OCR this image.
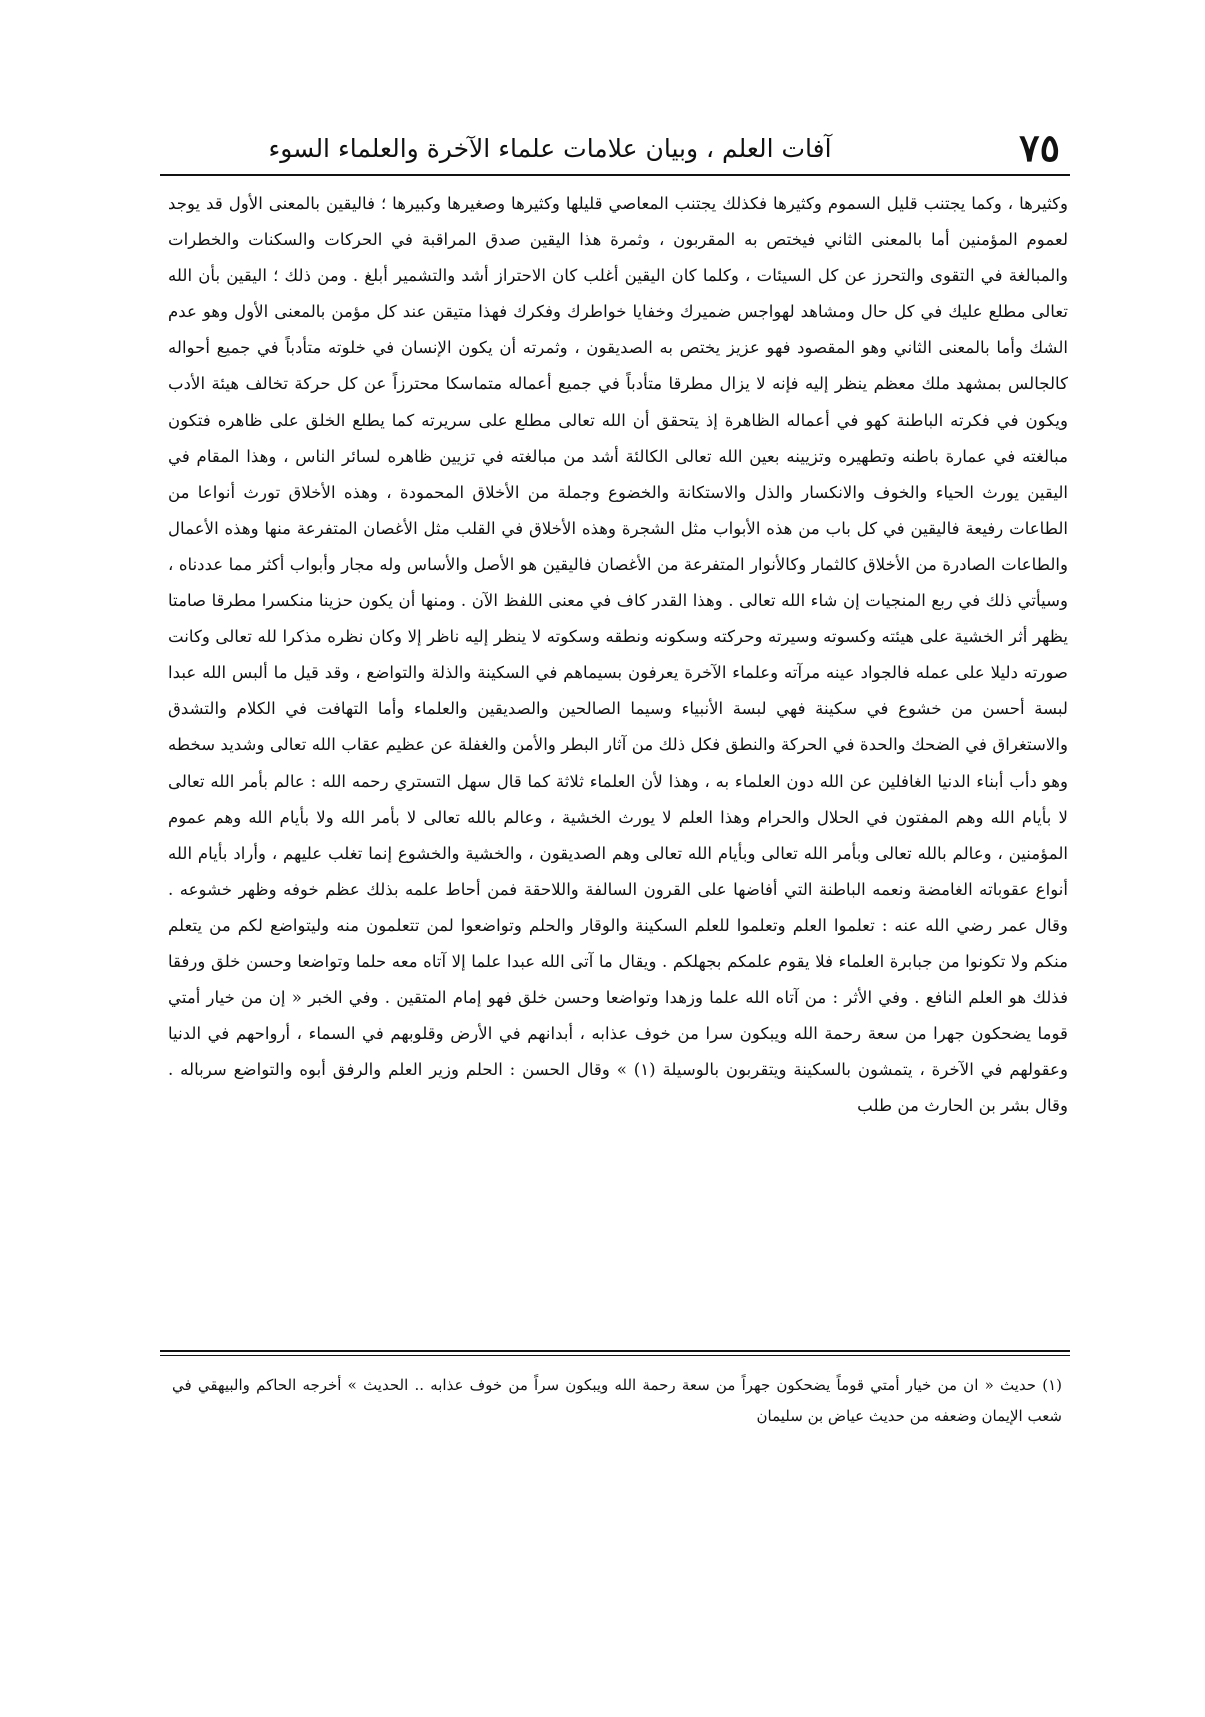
٧٥
آفات العلم ، وبيان علامات علماء الآخرة والعلماء السوء

وكثيرها ، وكما يجتنب قليل السموم وكثيرها فكذلك يجتنب المعاصي قليلها وكثيرها وصغيرها وكبيرها ؛ فاليقين بالمعنى الأول قد يوجد لعموم المؤمنين أما بالمعنى الثاني فيختص به المقربون ، وثمرة هذا اليقين صدق المراقبة في الحركات والسكنات والخطرات والمبالغة في التقوى والتحرز عن كل السيئات ، وكلما كان اليقين أغلب كان الاحتراز أشد والتشمير أبلغ . ومن ذلك ؛ اليقين بأن الله تعالى مطلع عليك في كل حال ومشاهد لهواجس ضميرك وخفايا خواطرك وفكرك فهذا متيقن عند كل مؤمن بالمعنى الأول وهو عدم الشك وأما بالمعنى الثاني وهو المقصود فهو عزيز يختص به الصديقون ، وثمرته أن يكون الإنسان في خلوته متأدباً في جميع أحواله كالجالس بمشهد ملك معظم ينظر إليه فإنه لا يزال مطرقا متأدباً في جميع أعماله متماسكا محترزاً عن كل حركة تخالف هيئة الأدب ويكون في فكرته الباطنة كهو في أعماله الظاهرة إذ يتحقق أن الله تعالى مطلع على سريرته كما يطلع الخلق على ظاهره فتكون مبالغته في عمارة باطنه وتطهيره وتزيينه بعين الله تعالى الكالئة أشد من مبالغته في تزيين ظاهره لسائر الناس ، وهذا المقام في اليقين يورث الحياء والخوف والانكسار والذل والاستكانة والخضوع وجملة من الأخلاق المحمودة ، وهذه الأخلاق تورث أنواعا من الطاعات رفيعة فاليقين في كل باب من هذه الأبواب مثل الشجرة وهذه الأخلاق في القلب مثل الأغصان المتفرعة منها وهذه الأعمال والطاعات الصادرة من الأخلاق كالثمار وكالأنوار المتفرعة من الأغصان فاليقين هو الأصل والأساس وله مجار وأبواب أكثر مما عددناه ، وسيأتي ذلك في ربع المنجيات إن شاء الله تعالى . وهذا القدر كاف في معنى اللفظ الآن . ومنها أن يكون حزينا منكسرا مطرقا صامتا يظهر أثر الخشية على هيئته وكسوته وسيرته وحركته وسكونه ونطقه وسكوته لا ينظر إليه ناظر إلا وكان نظره مذكرا لله تعالى وكانت صورته دليلا على عمله فالجواد عينه مرآته وعلماء الآخرة يعرفون بسيماهم في السكينة والذلة والتواضع ، وقد قيل ما ألبس الله عبدا لبسة أحسن من خشوع في سكينة فهي لبسة الأنبياء وسيما الصالحين والصديقين والعلماء وأما التهافت في الكلام والتشدق والاستغراق في الضحك والحدة في الحركة والنطق فكل ذلك من آثار البطر والأمن والغفلة عن عظيم عقاب الله تعالى وشديد سخطه وهو دأب أبناء الدنيا الغافلين عن الله دون العلماء به ، وهذا لأن العلماء ثلاثة كما قال سهل التستري رحمه الله : عالم بأمر الله تعالى لا بأيام الله وهم المفتون في الحلال والحرام وهذا العلم لا يورث الخشية ، وعالم بالله تعالى لا بأمر الله ولا بأيام الله وهم عموم المؤمنين ، وعالم بالله تعالى وبأمر الله تعالى وبأيام الله تعالى وهم الصديقون ، والخشية والخشوع إنما تغلب عليهم ، وأراد بأيام الله أنواع عقوباته الغامضة ونعمه الباطنة التي أفاضها على القرون السالفة واللاحقة فمن أحاط علمه بذلك عظم خوفه وظهر خشوعه .

وقال عمر رضي الله عنه : تعلموا العلم وتعلموا للعلم السكينة والوقار والحلم وتواضعوا لمن تتعلمون منه وليتواضع لكم من يتعلم منكم ولا تكونوا من جبابرة العلماء فلا يقوم علمكم بجهلكم . ويقال ما آتى الله عبدا علما إلا آتاه معه حلما وتواضعا وحسن خلق ورفقا فذلك هو العلم النافع . وفي الأثر : من آتاه الله علما وزهدا وتواضعا وحسن خلق فهو إمام المتقين . وفي الخبر « إن من خيار أمتي قوما يضحكون جهرا من سعة رحمة الله ويبكون سرا من خوف عذابه ، أبدانهم في الأرض وقلوبهم في السماء ، أرواحهم في الدنيا وعقولهم في الآخرة ، يتمشون بالسكينة ويتقربون بالوسيلة (١) » وقال الحسن : الحلم وزير العلم والرفق أبوه والتواضع سرباله . وقال بشر بن الحارث من طلب

(١) حديث « ان من خيار أمتي قوماً يضحكون جهراً من سعة رحمة الله ويبكون سراً من خوف عذابه .. الحديث » أخرجه الحاكم والبيهقي في شعب الإيمان وضعفه من حديث عياض بن سليمان
